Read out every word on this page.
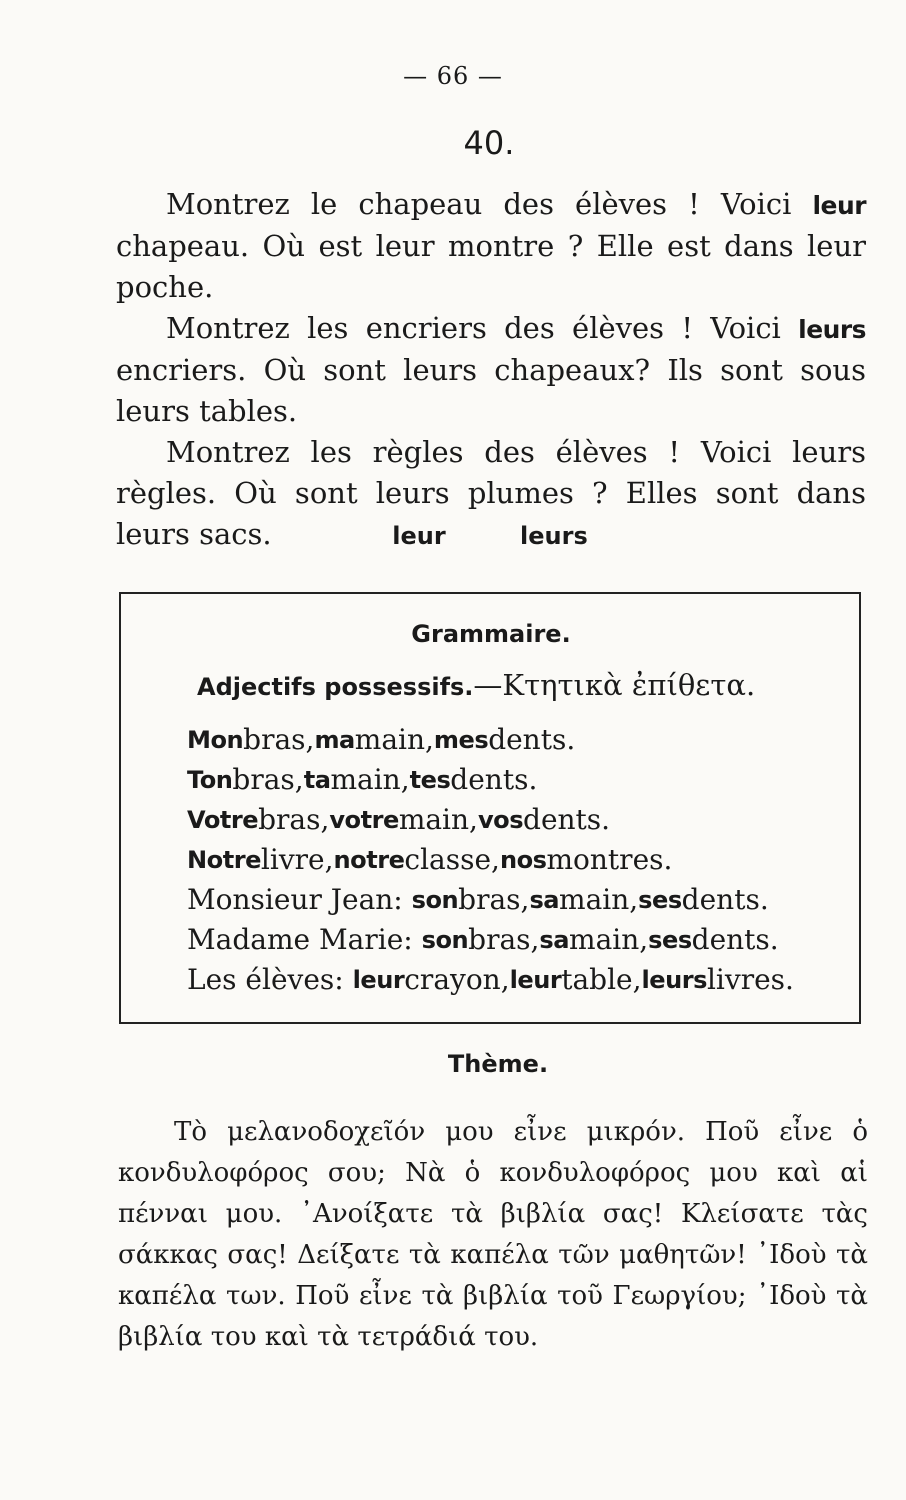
— 66 —
40.

Montrez le chapeau des élèves ! Voici leur chapeau. Où est leur montre ? Elle est dans leur poche.

Montrez les encriers des élèves ! Voici leurs encriers. Où sont leurs chapeaux? Ils sont sous leurs tables.

Montrez les règles des élèves ! Voici leurs règles. Où sont leurs plumes ? Elles sont dans leurs sacs.	leur	leurs
Grammaire.
Adjectifs possessifs.—Κτητικὰ ἐπίθετα.
Mon bras, ma main, mes dents.
Ton bras, ta main, tes dents.
Votre bras, votre main, vos dents.
Notre livre, notre classe, nos montres.
Monsieur Jean:
son bras, sa main, ses dents.
Madame Marie:
son bras, sa main, ses dents.
Les élèves:
leur crayon, leur table, leurs livres.
Thème.

Τὸ μελανοδοχεῖόν μου εἶνε μικρόν. Ποῦ εἶνε ὁ κονδυλοφόρος σου; Νὰ ὁ κονδυλοφόρος μου καὶ αἱ πένναι μου. ᾿Ανοίξατε τὰ βιβλία σας! Κλείσατε τὰς σάκκας σας! Δείξατε τὰ καπέλα τῶν μαθητῶν! ᾿Ιδοὺ τὰ καπέλα των. Ποῦ εἶνε τὰ βιβλία τοῦ Γεωργίου; ᾿Ιδοὺ τὰ βιβλία του καὶ τὰ τετράδιά του.
